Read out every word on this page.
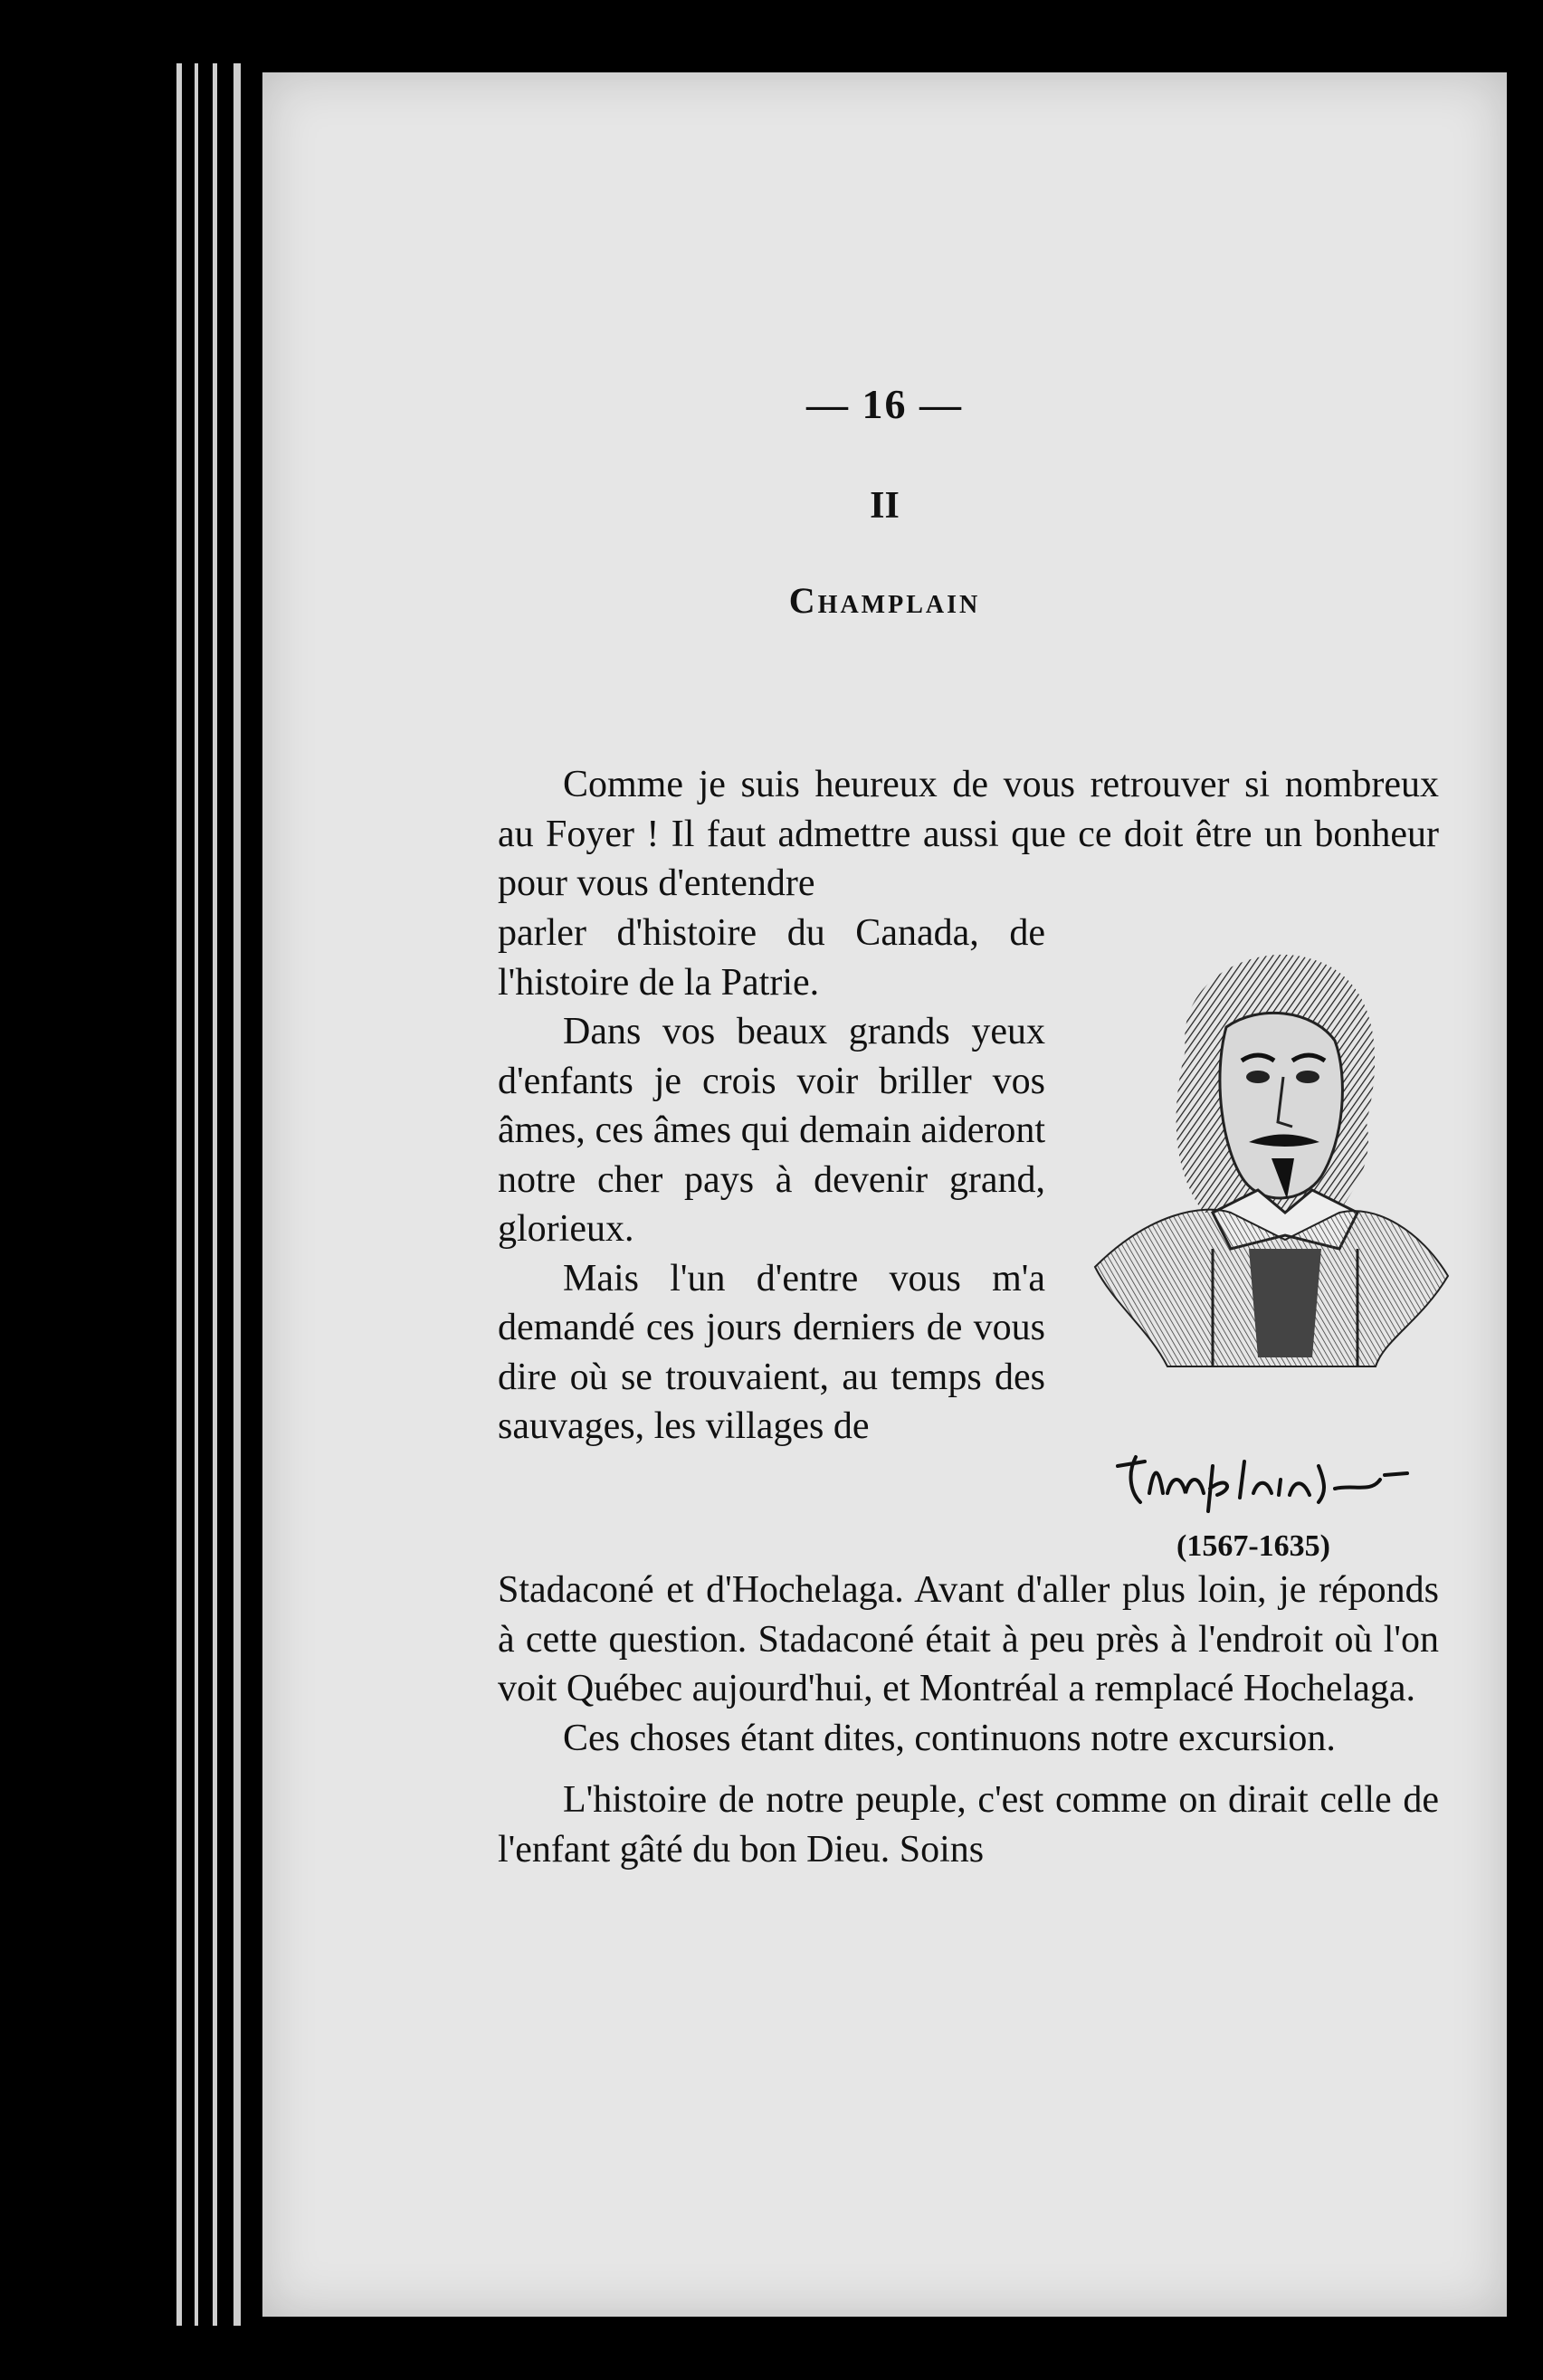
— 16 —
II
Champlain

Comme je suis heureux de vous retrouver si nombreux au Foyer ! Il faut admettre aussi que ce doit être un bonheur pour vous d'entendre

parler d'histoire du Canada, de l'histoire de la Patrie.

Dans vos beaux grands yeux d'enfants je crois voir briller vos âmes, ces âmes qui demain aideront notre cher pays à devenir grand, glorieux.

Mais l'un d'entre vous m'a demandé ces jours derniers de vous dire où se trouvaient, au temps des sauvages, les villages de

(1567-1635)

Stadaconé et d'Hochelaga. Avant d'aller plus loin, je réponds à cette question. Stadaconé était à peu près à l'endroit où l'on voit Québec aujourd'hui, et Montréal a remplacé Hochelaga.

Ces choses étant dites, continuons notre excursion.

L'histoire de notre peuple, c'est comme on dirait celle de l'enfant gâté du bon Dieu. Soins
